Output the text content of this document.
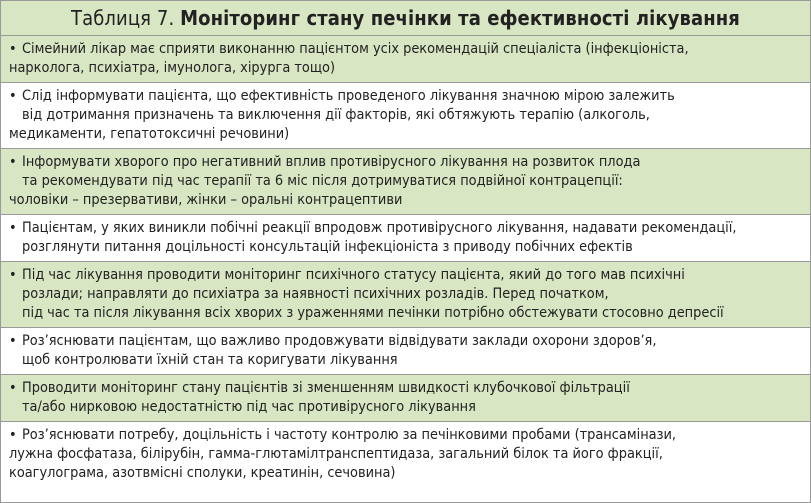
Таблиця 7.
Моніторинг стану печінки та ефективності лікування
• Сімейний лікар має сприяти виконанню пацієнтом усіх рекомендацій спеціаліста (інфекціоніста,
нарколога, психіатра, імунолога, хірурга тощо)
• Слід інформувати пацієнта, що ефективність проведеного лікування значною мірою залежить
від дотримання призначень та виключення дії факторів, які обтяжують терапію (алкоголь,
медикаменти, гепатотоксичні речовини)
• Інформувати хворого про негативний вплив противірусного лікування на розвиток плода
та рекомендувати під час терапії та 6 міс після дотримуватися подвійної контрацепції:
чоловіки – презервативи, жінки – оральні контрацептиви
• Пацієнтам, у яких виникли побічні реакції впродовж противірусного лікування, надавати рекомендації,
розглянути питання доцільності консультацій інфекціоніста з приводу побічних ефектів
• Під час лікування проводити моніторинг психічного статусу пацієнта, який до того мав психічні
розлади; направляти до психіатра за наявності психічних розладів. Перед початком,
під час та після лікування всіх хворих з ураженнями печінки потрібно обстежувати стосовно депресії
• Роз’яснювати пацієнтам, що важливо продовжувати відвідувати заклади охорони здоров’я,
щоб контролювати їхній стан та коригувати лікування
• Проводити моніторинг стану пацієнтів зі зменшенням швидкості клубочкової фільтрації
та/або нирковою недостатністю під час противірусного лікування
• Роз’яснювати потребу, доцільність і частоту контролю за печінковими пробами (трансамінази,
лужна фосфатаза, білірубін, гамма-глютамілтранспептидаза, загальний білок та його фракції,
коагулограма, азотвмісні сполуки, креатинін, сечовина)
